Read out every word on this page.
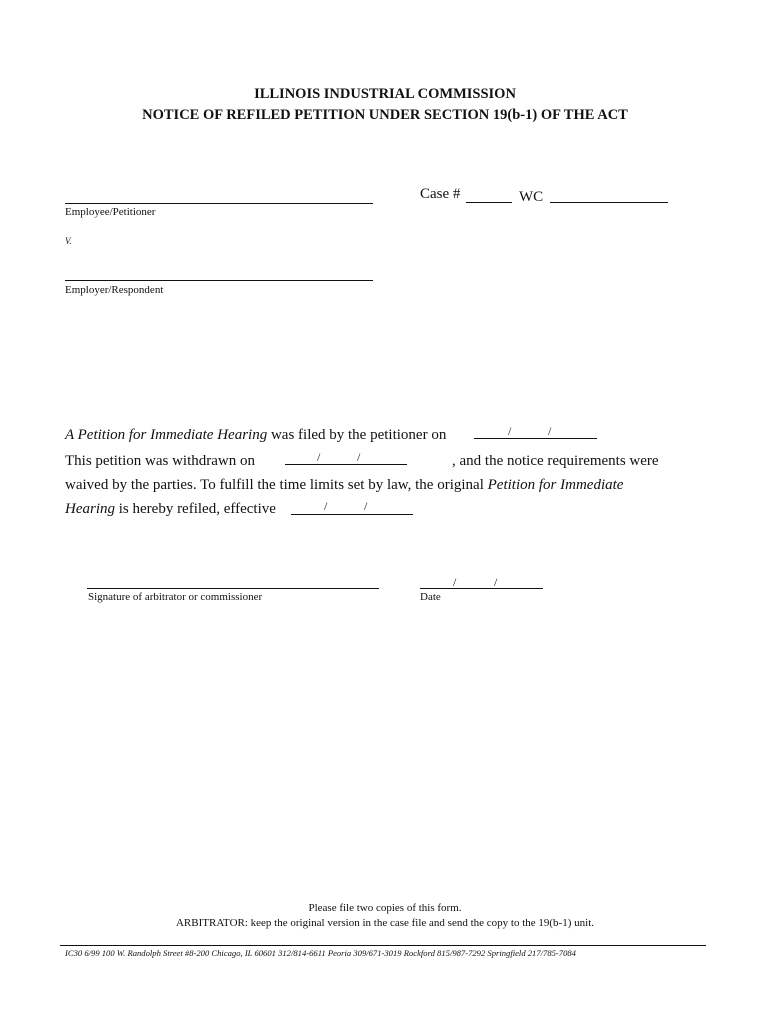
ILLINOIS INDUSTRIAL COMMISSION
NOTICE OF REFILED PETITION UNDER SECTION 19(b-1) OF THE ACT
Employee/Petitioner
V.
Employer/Respondent
Case #	WC
A Petition for Immediate Hearing was filed by the petitioner on	/	/
This petition was withdrawn on	/	/	, and the notice requirements were
waived by the parties. To fulfill the time limits set by law, the original Petition for Immediate
Hearing is hereby refiled, effective	/	/
Signature of arbitrator or commissioner
/	/
Date
Please file two copies of this form.
ARBITRATOR: keep the original version in the case file and send the copy to the 19(b-1) unit.
IC30 6/99 100 W. Randolph Street #8-200 Chicago, IL 60601 312/814-6611 Peoria 309/671-3019 Rockford 815/987-7292 Springfield 217/785-7084
